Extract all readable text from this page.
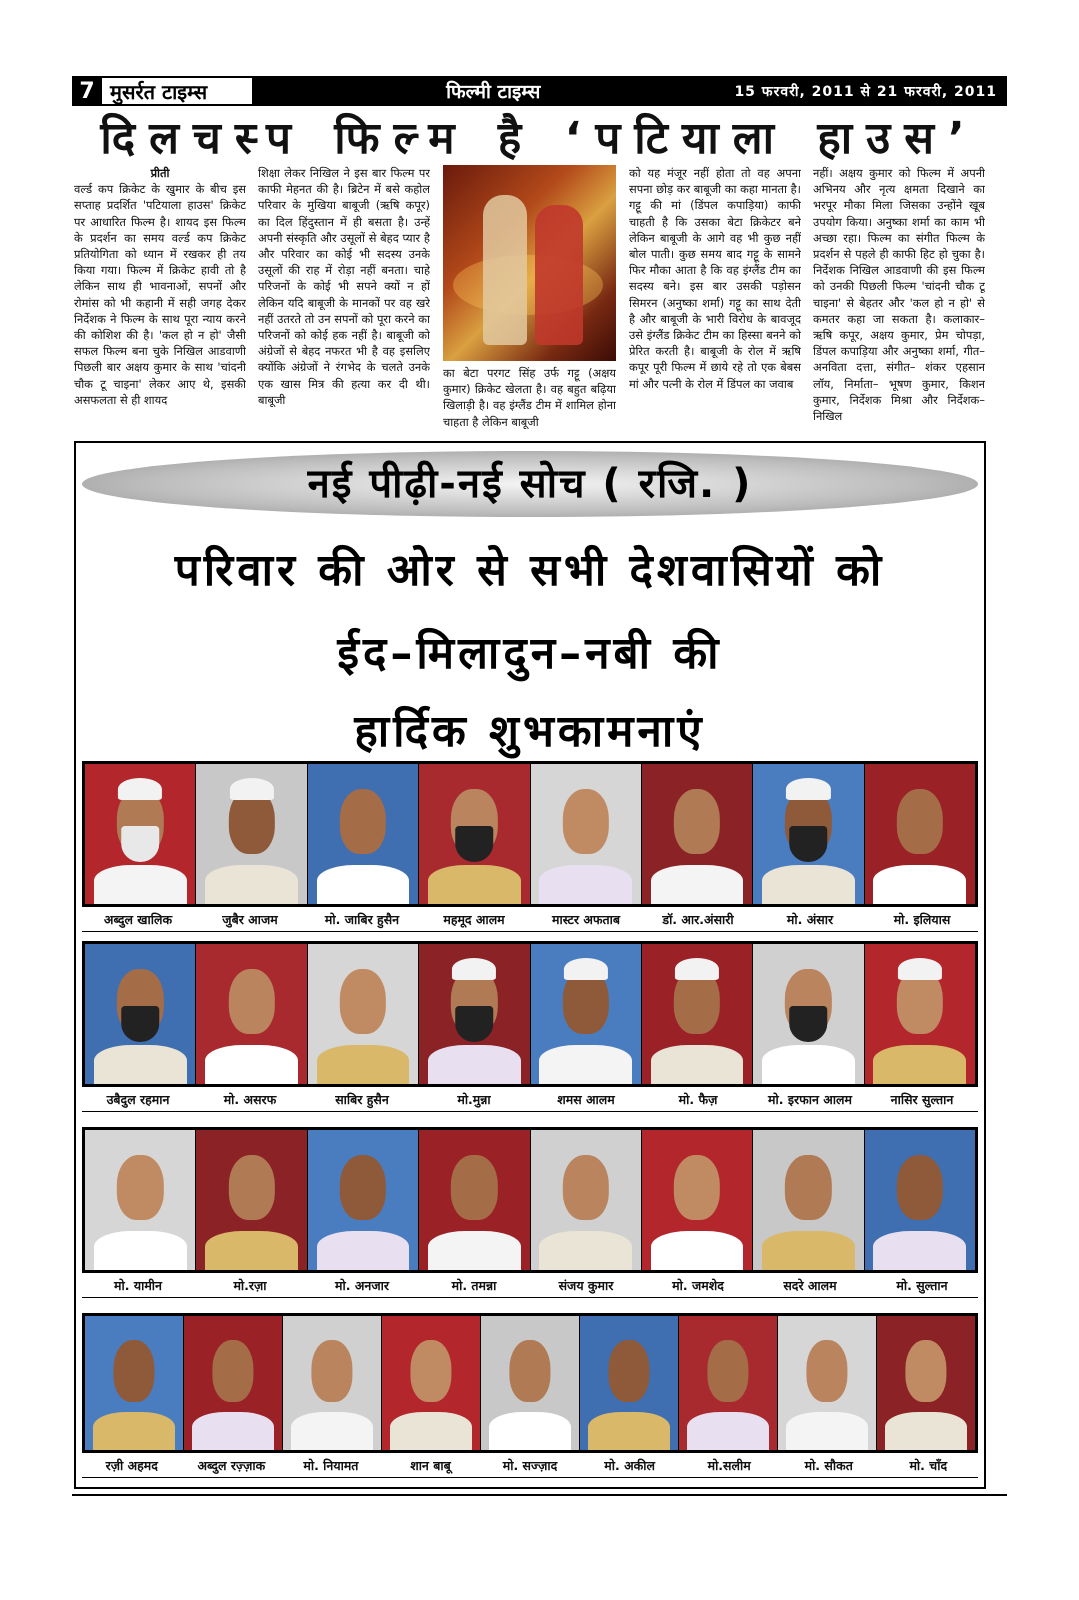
7 मुसर्रत टाइम्स	फिल्मी टाइम्स	15 फरवरी, 2011 से 21 फरवरी, 2011
दिलचस्प फिल्म है ‘पटियाला हाउस’

प्रीती

वर्ल्ड कप क्रिकेट के खुमार के बीच इस सप्ताह प्रदर्शित 'पटियाला हाउस' क्रिकेट पर आधारित फिल्म है। शायद इस फिल्म के प्रदर्शन का समय वर्ल्ड कप क्रिकेट प्रतियोगिता को ध्यान में रखकर ही तय किया गया। फिल्म में क्रिकेट हावी तो है लेकिन साथ ही भावनाओं, सपनों और रोमांस को भी कहानी में सही जगह देकर निर्देशक ने फिल्म के साथ पूरा न्याय करने की कोशिश की है। 'कल हो न हो' जैसी सफल फिल्म बना चुके निखिल आडवाणी पिछली बार अक्षय कुमार के साथ 'चांदनी चौक टू चाइना' लेकर आए थे, इसकी असफलता से ही शायद

शिक्षा लेकर निखिल ने इस बार फिल्म पर काफी मेहनत की है। ब्रिटेन में बसे कहोल परिवार के मुखिया बाबूजी (ऋषि कपूर) का दिल हिंदुस्तान में ही बसता है। उन्हें अपनी संस्कृति और उसूलों से बेहद प्यार है और परिवार का कोई भी सदस्य उनके उसूलों की राह में रोड़ा नहीं बनता। चाहे परिजनों के कोई भी सपने क्यों न हों लेकिन यदि बाबूजी के मानकों पर वह खरे नहीं उतरते तो उन सपनों को पूरा करने का परिजनों को कोई हक नहीं है। बाबूजी को अंग्रेजों से बेहद नफरत भी है वह इसलिए क्योंकि अंग्रेजों ने रंगभेद के चलते उनके एक खास मित्र की हत्या कर दी थी। बाबूजी

का बेटा परगट सिंह उर्फ गट्टू (अक्षय कुमार) क्रिकेट खेलता है। वह बहुत बढ़िया खिलाड़ी है। वह इंग्लैंड टीम में शामिल होना चाहता है लेकिन बाबूजी

को यह मंजूर नहीं होता तो वह अपना सपना छोड़ कर बाबूजी का कहा मानता है। गट्टू की मां (डिंपल कपाड़िया) काफी चाहती है कि उसका बेटा क्रिकेटर बने लेकिन बाबूजी के आगे वह भी कुछ नहीं बोल पाती। कुछ समय बाद गट्टू के सामने फिर मौका आता है कि वह इंग्लैंड टीम का सदस्य बने। इस बार उसकी पड़ोसन सिमरन (अनुष्का शर्मा) गट्टू का साथ देती है और बाबूजी के भारी विरोध के बावजूद उसे इंग्लैंड क्रिकेट टीम का हिस्सा बनने को प्रेरित करती है। बाबूजी के रोल में ऋषि कपूर पूरी फिल्म में छाये रहे तो एक बेबस मां और पत्नी के रोल में डिंपल का जवाब

नहीं। अक्षय कुमार को फिल्म में अपनी अभिनय और नृत्य क्षमता दिखाने का भरपूर मौका मिला जिसका उन्होंने खूब उपयोग किया। अनुष्का शर्मा का काम भी अच्छा रहा। फिल्म का संगीत फिल्म के प्रदर्शन से पहले ही काफी हिट हो चुका है। निर्देशक निखिल आडवाणी की इस फिल्म को उनकी पिछली फिल्म 'चांदनी चौक टू चाइना' से बेहतर और 'कल हो न हो' से कमतर कहा जा सकता है। कलाकार– ऋषि कपूर, अक्षय कुमार, प्रेम चोपड़ा, डिंपल कपाड़िया और अनुष्का शर्मा, गीत– अनविता दत्ता, संगीत– शंकर एहसान लॉय, निर्माता– भूषण कुमार, किशन कुमार, निर्देशक मिश्रा और निर्देशक– निखिल

नई पीढ़ी-नई सोच ( रजि. )
परिवार की ओर से सभी देशवासियों को
ईद–मिलादुन–नबी की
हार्दिक शुभकामनाएं
अब्दुल खालिक	जुबैर आजम	मो. जाबिर हुसैन	महमूद आलम	मास्टर अफताब	डॉ. आर.अंसारी	मो. अंसार	मो. इलियास
उबैदुल रहमान	मो. असरफ	साबिर हुसैन	मो.मुन्ना	शमस आलम	मो. फैज़	मो. इरफान आलम	नासिर सुल्तान
मो. यामीन	मो.रज़ा	मो. अनजार	मो. तमन्ना	संजय कुमार	मो. जमशेद	सदरे आलम	मो. सुल्तान
रज़ी अहमद	अब्दुल रज़्ज़ाक	मो. नियामत	शान बाबू	मो. सज्ज़ाद	मो. अकील	मो.सलीम	मो. सौकत	मो. चाँद
